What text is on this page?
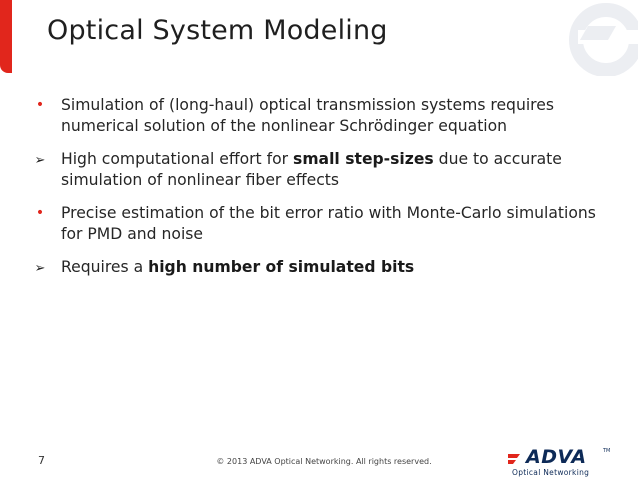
Optical System Modeling
•	Simulation of (long-haul) optical transmission systems requires numerical solution of the nonlinear Schrödinger equation
➢ High computational effort for small step-sizes due to accurate simulation of nonlinear fiber effects
•	Precise estimation of the bit error ratio with Monte-Carlo simulations for PMD and noise
➢ Requires a high number of simulated bits
7	© 2013 ADVA Optical Networking. All rights reserved.	ADVA	TM
Optical Networking
